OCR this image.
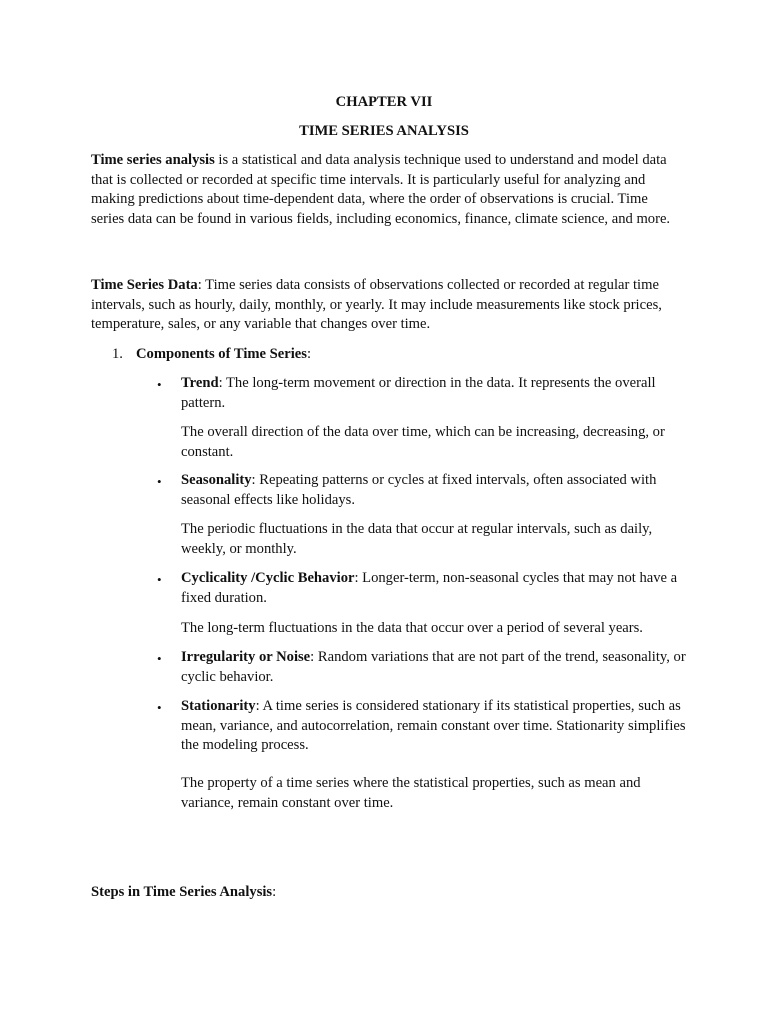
CHAPTER VII
TIME SERIES ANALYSIS

Time series analysis is a statistical and data analysis technique used to understand and model data that is collected or recorded at specific time intervals. It is particularly useful for analyzing and making predictions about time-dependent data, where the order of observations is crucial. Time series data can be found in various fields, including economics, finance, climate science, and more.

Time Series Data: Time series data consists of observations collected or recorded at regular time intervals, such as hourly, daily, monthly, or yearly. It may include measurements like stock prices, temperature, sales, or any variable that changes over time.

1. Components of Time Series:
• Trend: The long-term movement or direction in the data. It represents the overall pattern.

The overall direction of the data over time, which can be increasing, decreasing, or constant.

• Seasonality: Repeating patterns or cycles at fixed intervals, often associated with seasonal effects like holidays.

The periodic fluctuations in the data that occur at regular intervals, such as daily, weekly, or monthly.

• Cyclicality /Cyclic Behavior: Longer-term, non-seasonal cycles that may not have a fixed duration.

The long-term fluctuations in the data that occur over a period of several years.

• Irregularity or Noise: Random variations that are not part of the trend, seasonality, or cyclic behavior.

• Stationarity: A time series is considered stationary if its statistical properties, such as mean, variance, and autocorrelation, remain constant over time. Stationarity simplifies the modeling process.

The property of a time series where the statistical properties, such as mean and variance, remain constant over time.

Steps in Time Series Analysis:
